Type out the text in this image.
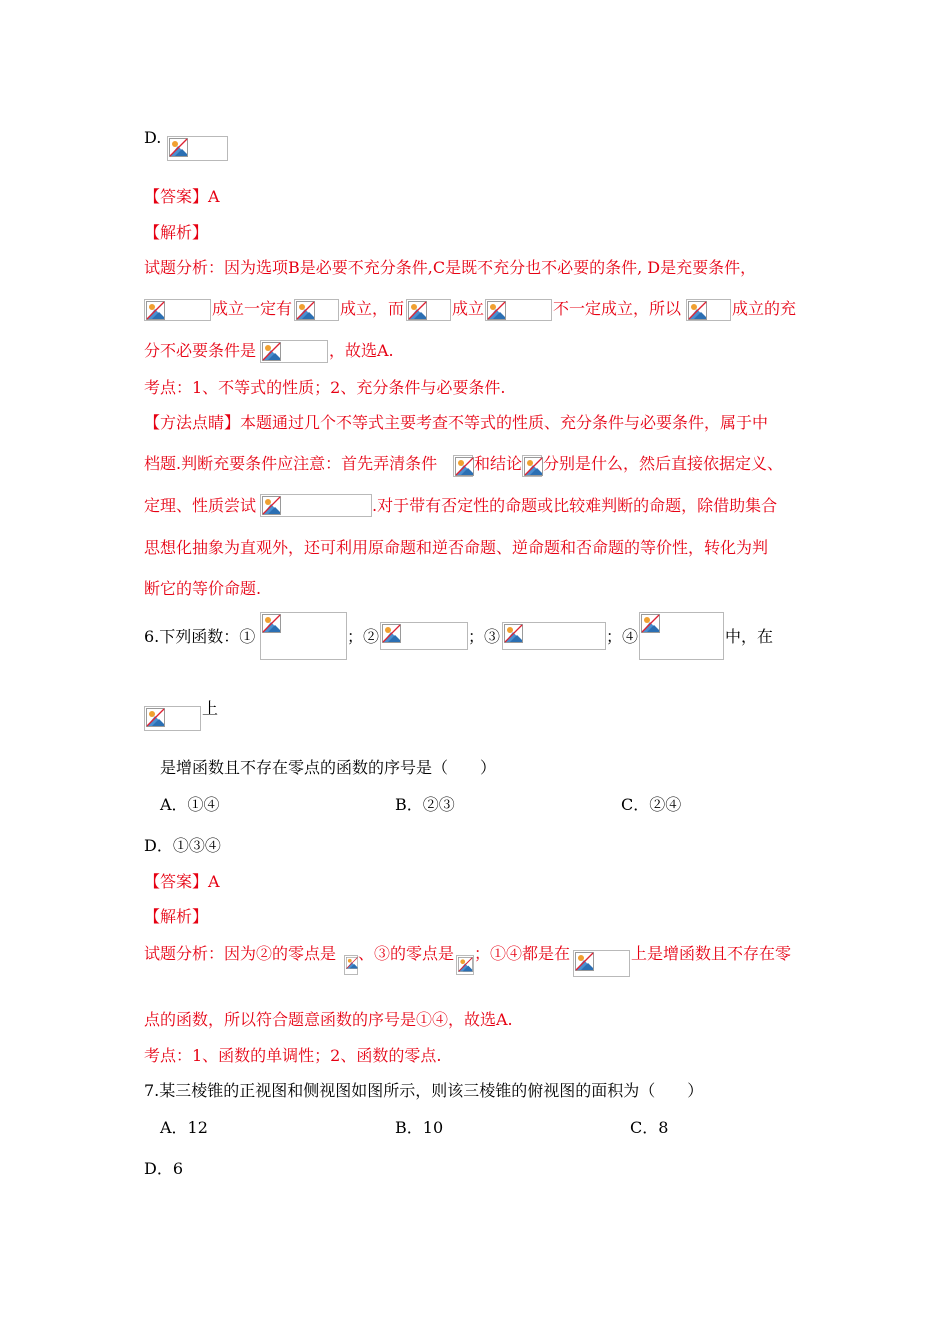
D.
【答案】A
【解析】
试题分析：因为选项B是必要不充分条件,C是既不充分也不必要的条件, D是充要条件，
成立一定有	成立，而	成立	不一定成立，所以	成立的充
分不必要条件是	，故选A.
考点：1、不等式的性质；2、充分条件与必要条件.
【方法点睛】本题通过几个不等式主要考查不等式的性质、充分条件与必要条件，属于中
档题.判断充要条件应注意：首先弄清条件 和结论 分别是什么，然后直接依据定义、
定理、性质尝试	.对于带有否定性的命题或比较难判断的命题，除借助集合
思想化抽象为直观外，还可利用原命题和逆否命题、逆命题和否命题的等价性，转化为判
断它的等价命题.
6.下列函数：①	；②	；③	；④	中，在
上
是增函数且不存在零点的函数的序号是（　　）
A．①④	B．②③	C．②④
D．①③④
【答案】A
【解析】
试题分析：因为②的零点是 、③的零点是 ；①④都是在	上是增函数且不存在零
点的函数，所以符合题意函数的序号是①④，故选A.
考点：1、函数的单调性；2、函数的零点.
7.某三棱锥的正视图和侧视图如图所示，则该三棱锥的俯视图的面积为（　　）
A．12	B．10	C．8
D．6
